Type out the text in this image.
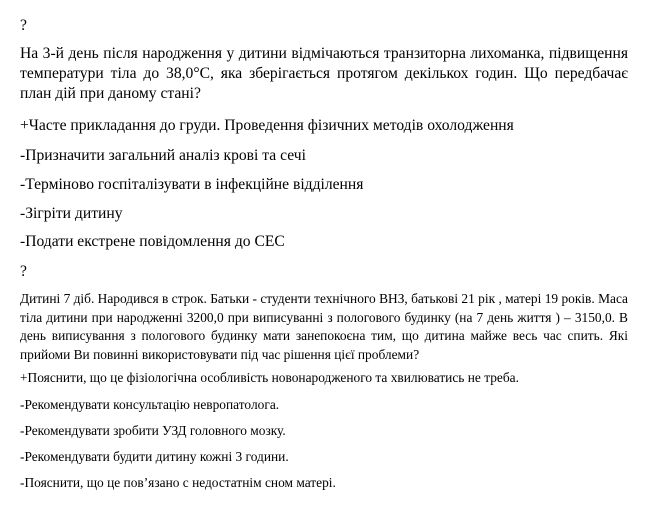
?
На 3-й день після народження у дитини відмічаються транзиторна лихоманка, підвищення температури тіла до 38,0°С, яка зберігається протягом декількох годин. Що передбачає план дій при даному стані?
+Часте прикладання до груди. Проведення фізичних методів охолодження
-Призначити загальний аналіз крові та сечі
-Терміново госпіталізувати в інфекційне відділення
-Зігріти дитину
-Подати екстрене повідомлення до СЕС
?
Дитині 7 діб. Народився в строк. Батьки - студенти технічного ВНЗ, батькові 21 рік , матері 19 років. Маса тіла дитини при народженні 3200,0 при виписуванні з пологового будинку (на 7 день життя ) – 3150,0. В день виписування з пологового будинку мати занепокоєна тим, що дитина майже весь час спить. Які прийоми Ви повинні використовувати під час рішення цієї проблеми?
+Пояснити, що це фізіологічна особливість новонародженого та хвилюватись не треба.
-Рекомендувати консультацію невропатолога.
-Рекомендувати зробити УЗД головного мозку.
-Рекомендувати будити дитину кожні 3 години.
-Пояснити, що це пов’язано с недостатнім сном матері.
